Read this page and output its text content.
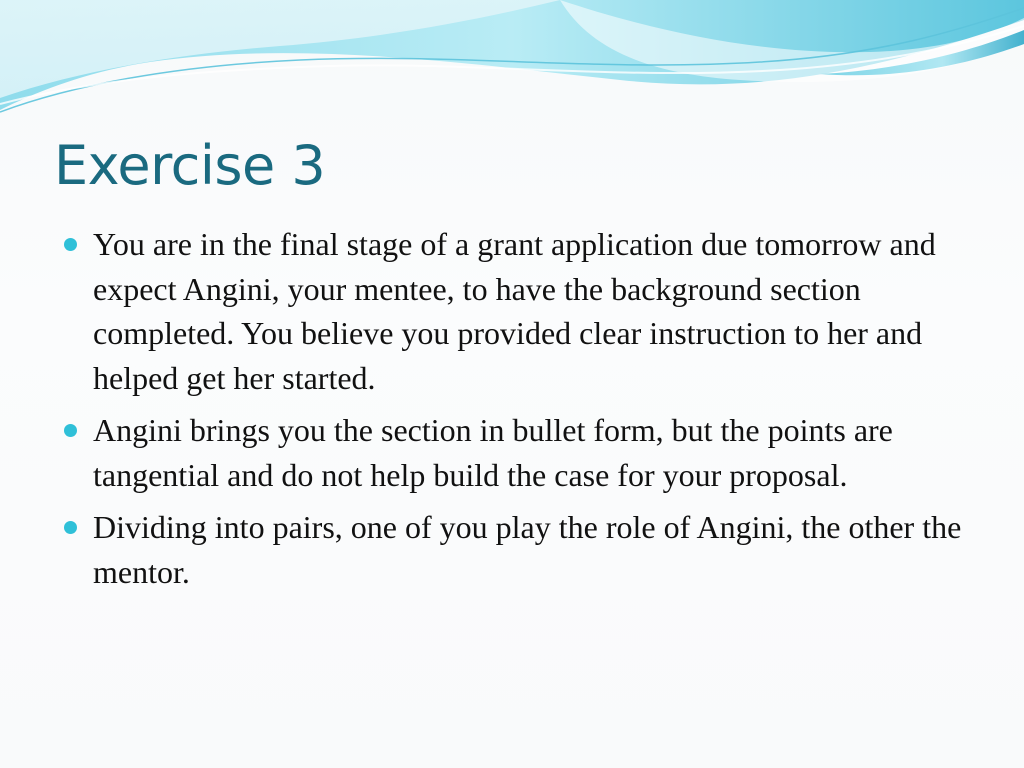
Exercise 3
You are in the final stage of a grant application due tomorrow and expect Angini, your mentee, to have the background section completed. You believe you provided clear instruction to her and helped get her started.
Angini brings you the section in bullet form, but the points are tangential and do not help build the case for your proposal.
Dividing into pairs, one of you play the role of Angini, the other the mentor.
